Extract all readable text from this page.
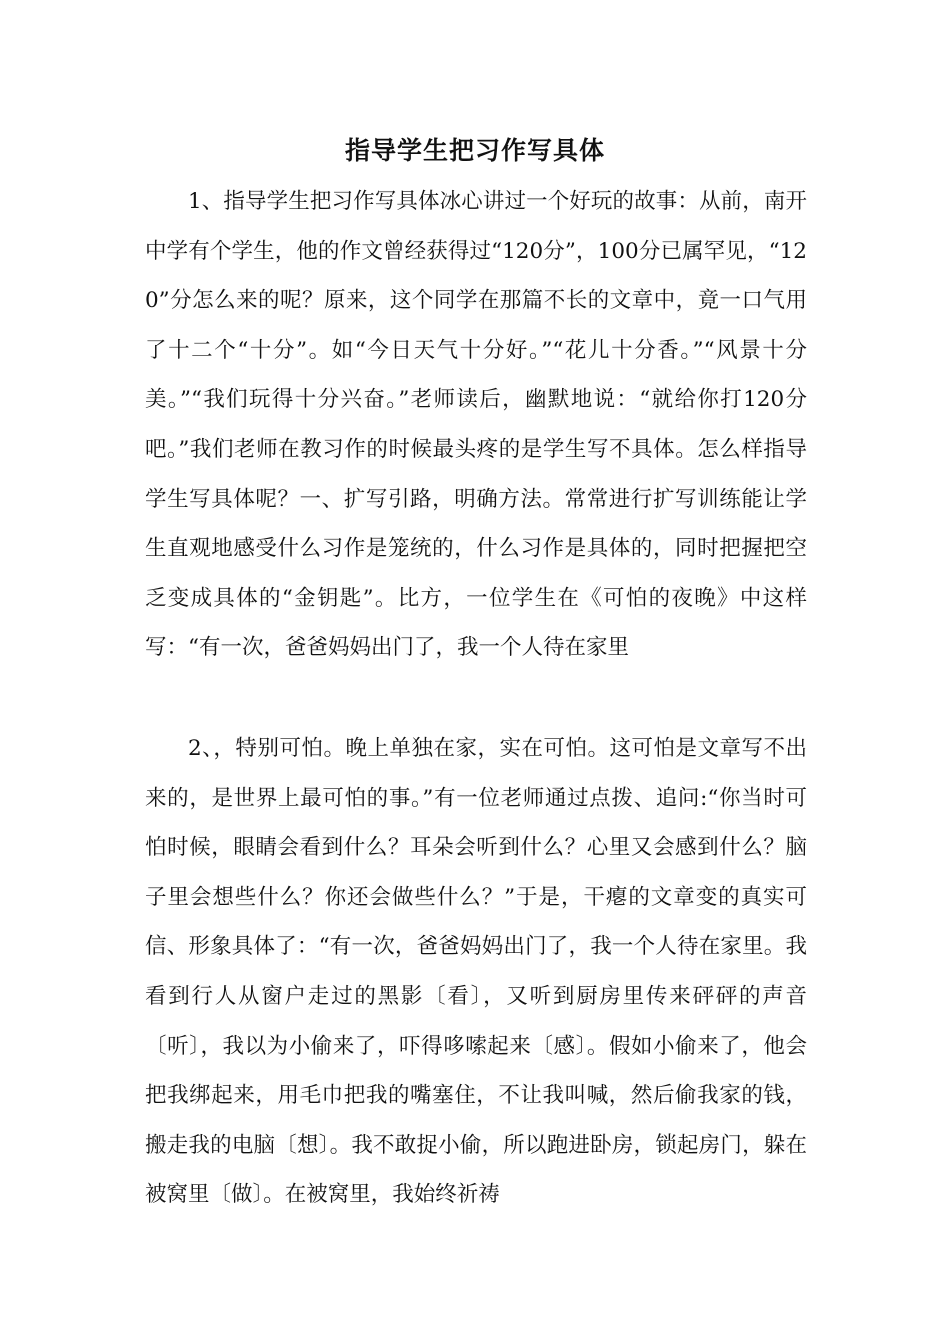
指导学生把习作写具体

1、指导学生把习作写具体冰心讲过一个好玩的故事：从前，南开中学有个学生，他的作文曾经获得过“120分”，100分已属罕见，“120”分怎么来的呢？原来，这个同学在那篇不长的文章中，竟一口气用了十二个“十分”。如“今日天气十分好。”“花儿十分香。”“风景十分美。”“我们玩得十分兴奋。”老师读后，幽默地说：“就给你打120分吧。”我们老师在教习作的时候最头疼的是学生写不具体。怎么样指导学生写具体呢？一、扩写引路，明确方法。常常进行扩写训练能让学生直观地感受什么习作是笼统的，什么习作是具体的，同时把握把空乏变成具体的“金钥匙”。比方，一位学生在《可怕的夜晚》中这样写：“有一次，爸爸妈妈出门了，我一个人待在家里

2、，特别可怕。晚上单独在家，实在可怕。这可怕是文章写不出来的，是世界上最可怕的事。”有一位老师通过点拨、追问:“你当时可怕时候，眼睛会看到什么？耳朵会听到什么？心里又会感到什么？脑子里会想些什么？你还会做些什么？”于是，干瘪的文章变的真实可信、形象具体了：“有一次，爸爸妈妈出门了，我一个人待在家里。我看到行人从窗户走过的黑影〔看〕，又听到厨房里传来砰砰的声音〔听〕，我以为小偷来了，吓得哆嗦起来〔感〕。假如小偷来了，他会把我绑起来，用毛巾把我的嘴塞住，不让我叫喊，然后偷我家的钱，搬走我的电脑〔想〕。我不敢捉小偷，所以跑进卧房，锁起房门，躲在被窝里〔做〕。在被窝里，我始终祈祷
